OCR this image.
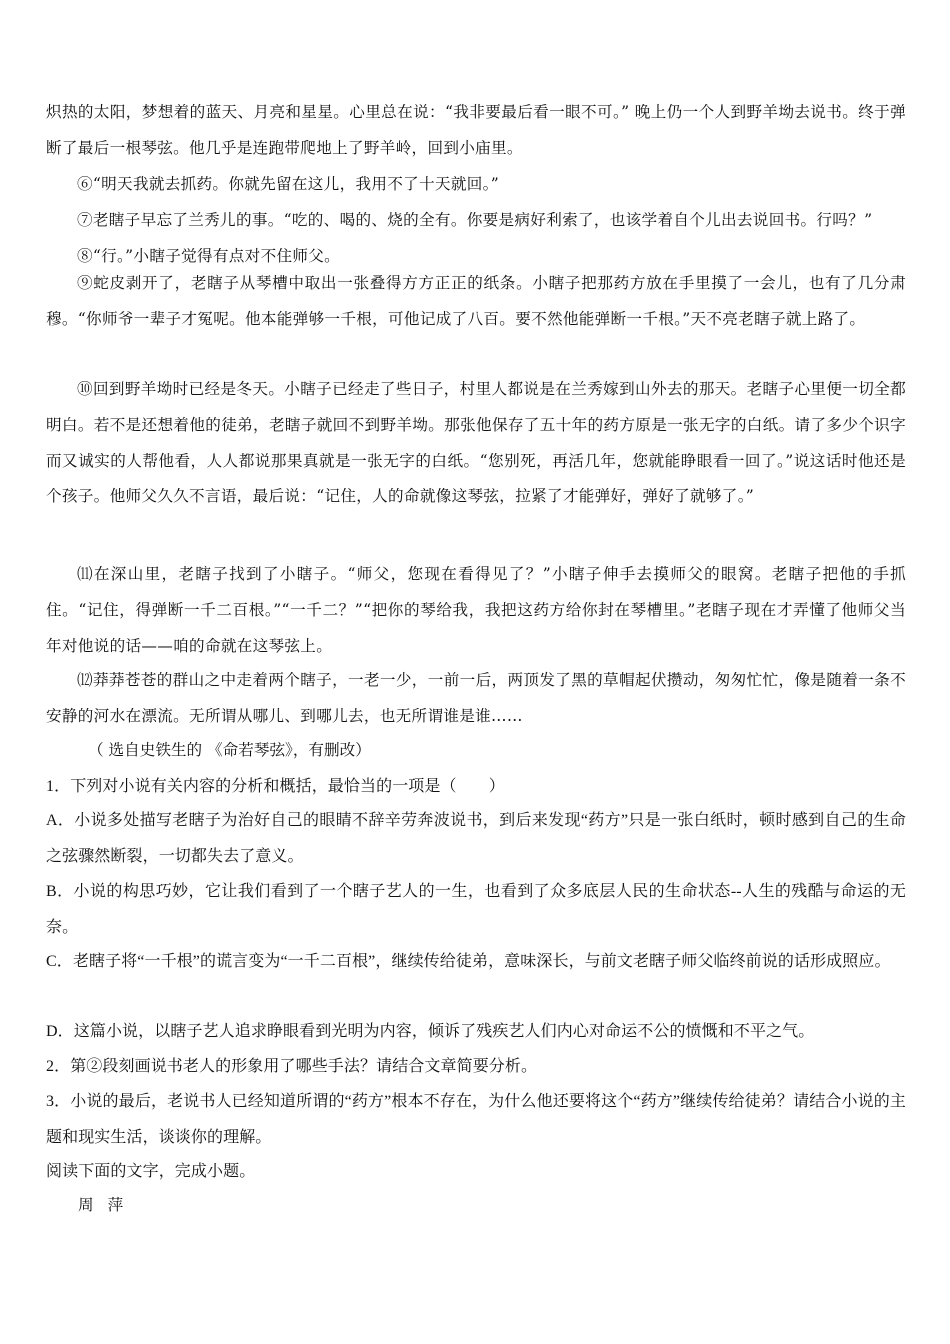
炽热的太阳，梦想着的蓝天、月亮和星星。心里总在说：“我非要最后看一眼不可。” 晚上仍一个人到野羊坳去说书。终于弹断了最后一根琴弦。他几乎是连跑带爬地上了野羊岭，回到小庙里。

⑥“明天我就去抓药。你就先留在这儿，我用不了十天就回。”

⑦老瞎子早忘了兰秀儿的事。“吃的、喝的、烧的全有。你要是病好利索了，也该学着自个儿出去说回书。行吗？”

⑧“行。”小瞎子觉得有点对不住师父。

⑨蛇皮剥开了，老瞎子从琴槽中取出一张叠得方方正正的纸条。小瞎子把那药方放在手里摸了一会儿，也有了几分肃穆。“你师爷一辈子才冤呢。他本能弹够一千根，可他记成了八百。要不然他能弹断一千根。”天不亮老瞎子就上路了。

⑩回到野羊坳时已经是冬天。小瞎子已经走了些日子，村里人都说是在兰秀嫁到山外去的那天。老瞎子心里便一切全都明白。若不是还想着他的徒弟，老瞎子就回不到野羊坳。那张他保存了五十年的药方原是一张无字的白纸。请了多少个识字而又诚实的人帮他看，人人都说那果真就是一张无字的白纸。“您别死，再活几年，您就能睁眼看一回了。”说这话时他还是个孩子。他师父久久不言语，最后说：“记住，人的命就像这琴弦，拉紧了才能弹好，弹好了就够了。”

⑾在深山里，老瞎子找到了小瞎子。“师父，您现在看得见了？”小瞎子伸手去摸师父的眼窝。老瞎子把他的手抓住。“记住，得弹断一千二百根。”“一千二？”“把你的琴给我，我把这药方给你封在琴槽里。”老瞎子现在才弄懂了他师父当年对他说的话——咱的命就在这琴弦上。

⑿莽莽苍苍的群山之中走着两个瞎子，一老一少，一前一后，两顶发了黑的草帽起伏攒动，匆匆忙忙，像是随着一条不安静的河水在漂流。无所谓从哪儿、到哪儿去，也无所谓谁是谁……

（ 选自史铁生的 《命若琴弦》，有删改）

1．下列对小说有关内容的分析和概括，最恰当的一项是（　　）

A．小说多处描写老瞎子为治好自己的眼睛不辞辛劳奔波说书，到后来发现“药方”只是一张白纸时，顿时感到自己的生命之弦骤然断裂，一切都失去了意义。

B．小说的构思巧妙，它让我们看到了一个瞎子艺人的一生，也看到了众多底层人民的生命状态--人生的残酷与命运的无奈。

C．老瞎子将“一千根”的谎言变为“一千二百根”，继续传给徒弟，意味深长，与前文老瞎子师父临终前说的话形成照应。

D．这篇小说，以瞎子艺人追求睁眼看到光明为内容，倾诉了残疾艺人们内心对命运不公的愤慨和不平之气。

2．第②段刻画说书老人的形象用了哪些手法？请结合文章简要分析。

3．小说的最后，老说书人已经知道所谓的“药方”根本不存在，为什么他还要将这个“药方”继续传给徒弟？请结合小说的主题和现实生活，谈谈你的理解。

阅读下面的文字，完成小题。

周萍
